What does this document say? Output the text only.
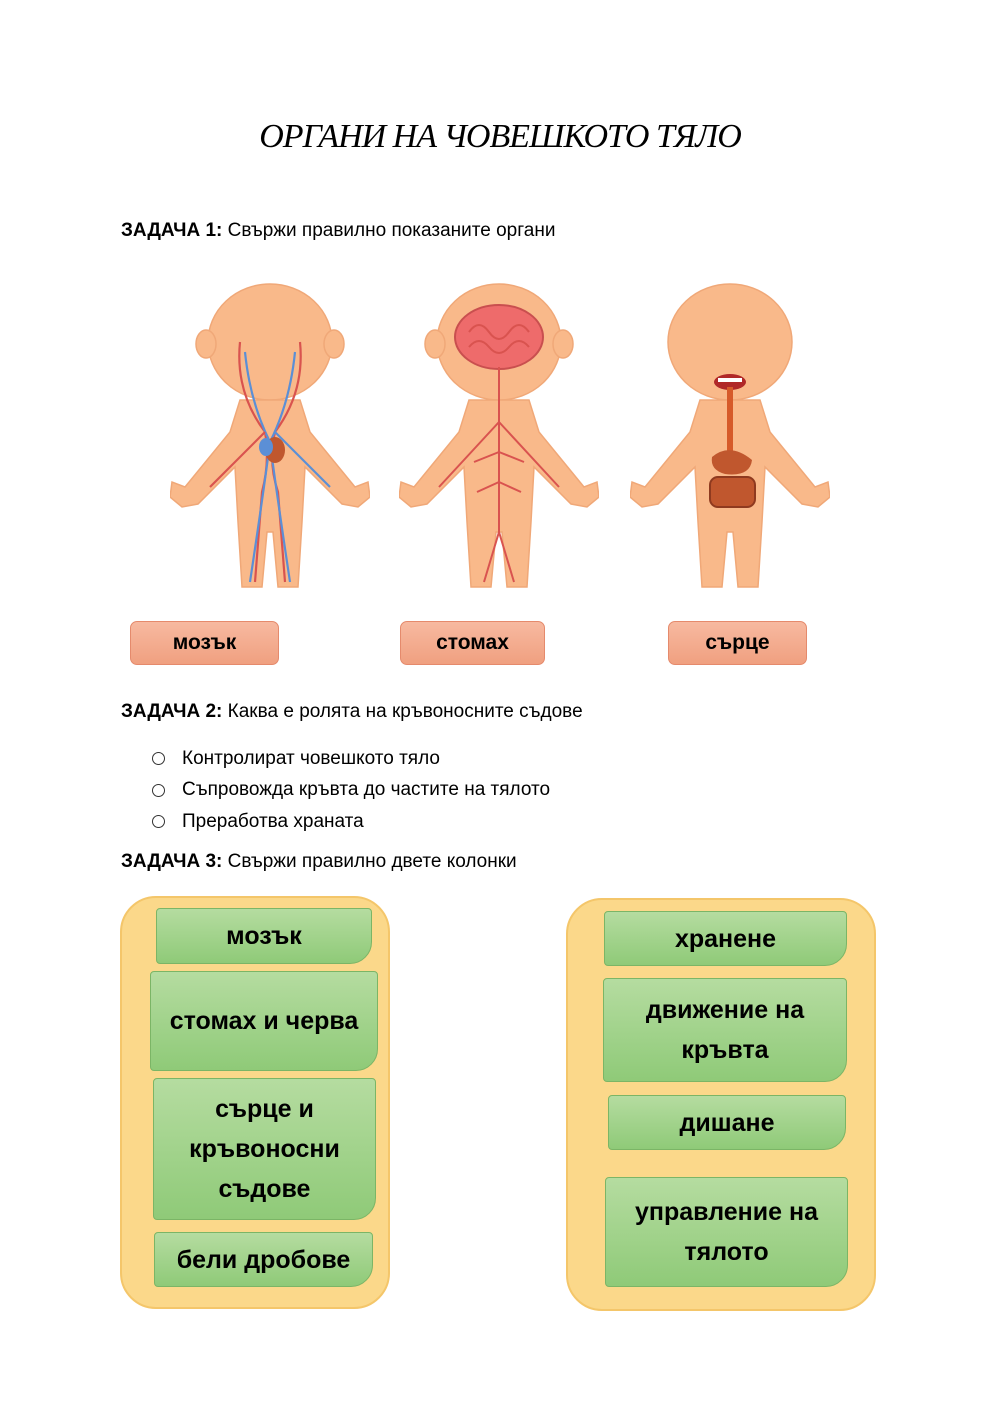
ОРГАНИ НА ЧОВЕШКОТО ТЯЛО
ЗАДАЧА 1: Свържи правилно показаните органи
мозък	стомах	сърце
ЗАДАЧА 2: Каква е ролята на кръвоносните съдове
Контролират човешкото тяло
Съпровожда кръвта до частите на тялото
Преработва храната
ЗАДАЧА 3: Свържи правилно двете колонки
мозък
стомах и черва
сърце и кръвоносни съдове
бели дробове
хранене
движение на кръвта
дишане
управление на тялото
